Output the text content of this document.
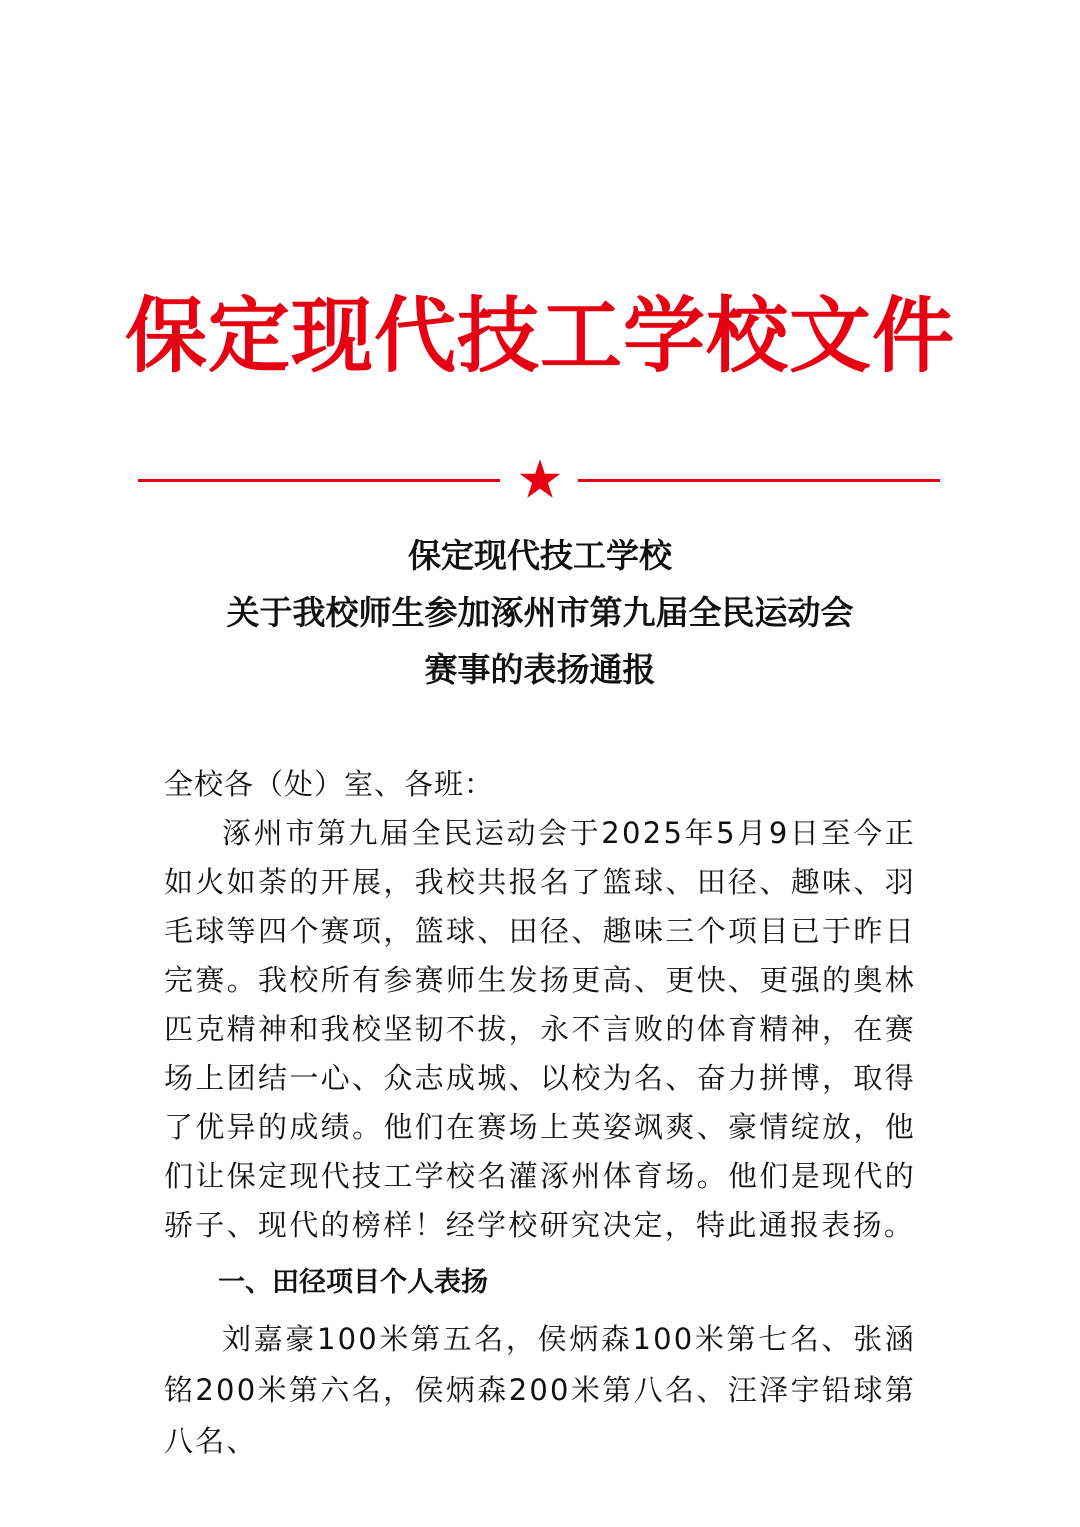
保定现代技工学校文件
保定现代技工学校
关于我校师生参加涿州市第九届全民运动会
赛事的表扬通报

全校各（处）室、各班：

涿州市第九届全民运动会于2025年5月9日至今正如火如荼的开展，我校共报名了篮球、田径、趣味、羽毛球等四个赛项，篮球、田径、趣味三个项目已于昨日完赛。我校所有参赛师生发扬更高、更快、更强的奥林匹克精神和我校坚韧不拔，永不言败的体育精神，在赛场上团结一心、众志成城、以校为名、奋力拼博，取得了优异的成绩。他们在赛场上英姿飒爽、豪情绽放，他们让保定现代技工学校名灌涿州体育场。他们是现代的骄子、现代的榜样！经学校研究决定，特此通报表扬。

一、田径项目个人表扬

刘嘉豪100米第五名，侯炳森100米第七名、张涵铭200米第六名，侯炳森200米第八名、汪泽宇铅球第八名、
